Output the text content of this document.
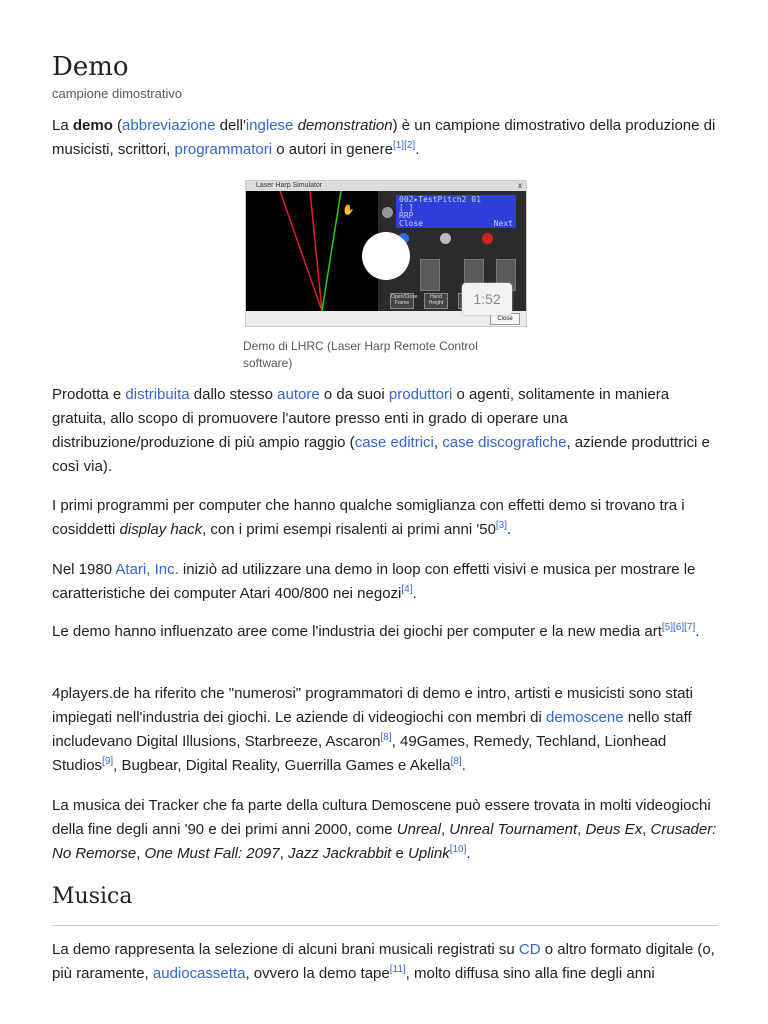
Demo
campione dimostrativo

La demo (abbreviazione dell'inglese demonstration) è un campione dimostrativo della produzione di musicisti, scrittori, programmatori o autori in genere[1][2].

Laser Harp Simulator	x
✋
002▸TestPitch2 01
[ ]
RRP
Close	Next
Open/Close Frame
Hand Height
Close
1:52
Demo di LHRC (Laser Harp Remote Control software)

Prodotta e distribuita dallo stesso autore o da suoi produttori o agenti, solitamente in maniera gratuita, allo scopo di promuovere l'autore presso enti in grado di operare una distribuzione/produzione di più ampio raggio (case editrici, case discografiche, aziende produttrici e così via).

I primi programmi per computer che hanno qualche somiglianza con effetti demo si trovano tra i cosiddetti display hack, con i primi esempi risalenti ai primi anni '50[3].

Nel 1980 Atari, Inc. iniziò ad utilizzare una demo in loop con effetti visivi e musica per mostrare le caratteristiche dei computer Atari 400/800 nei negozi[4].

Le demo hanno influenzato aree come l'industria dei giochi per computer e la new media art[5][6][7].

4players.de ha riferito che "numerosi" programmatori di demo e intro, artisti e musicisti sono stati impiegati nell'industria dei giochi. Le aziende di videogiochi con membri di demoscene nello staff includevano Digital Illusions, Starbreeze, Ascaron[8], 49Games, Remedy, Techland, Lionhead Studios[9], Bugbear, Digital Reality, Guerrilla Games e Akella[8].

La musica dei Tracker che fa parte della cultura Demoscene può essere trovata in molti videogiochi della fine degli anni '90 e dei primi anni 2000, come Unreal, Unreal Tournament, Deus Ex, Crusader: No Remorse, One Must Fall: 2097, Jazz Jackrabbit e Uplink[10].

Musica

La demo rappresenta la selezione di alcuni brani musicali registrati su CD o altro formato digitale (o, più raramente, audiocassetta, ovvero la demo tape[11], molto diffusa sino alla fine degli anni
